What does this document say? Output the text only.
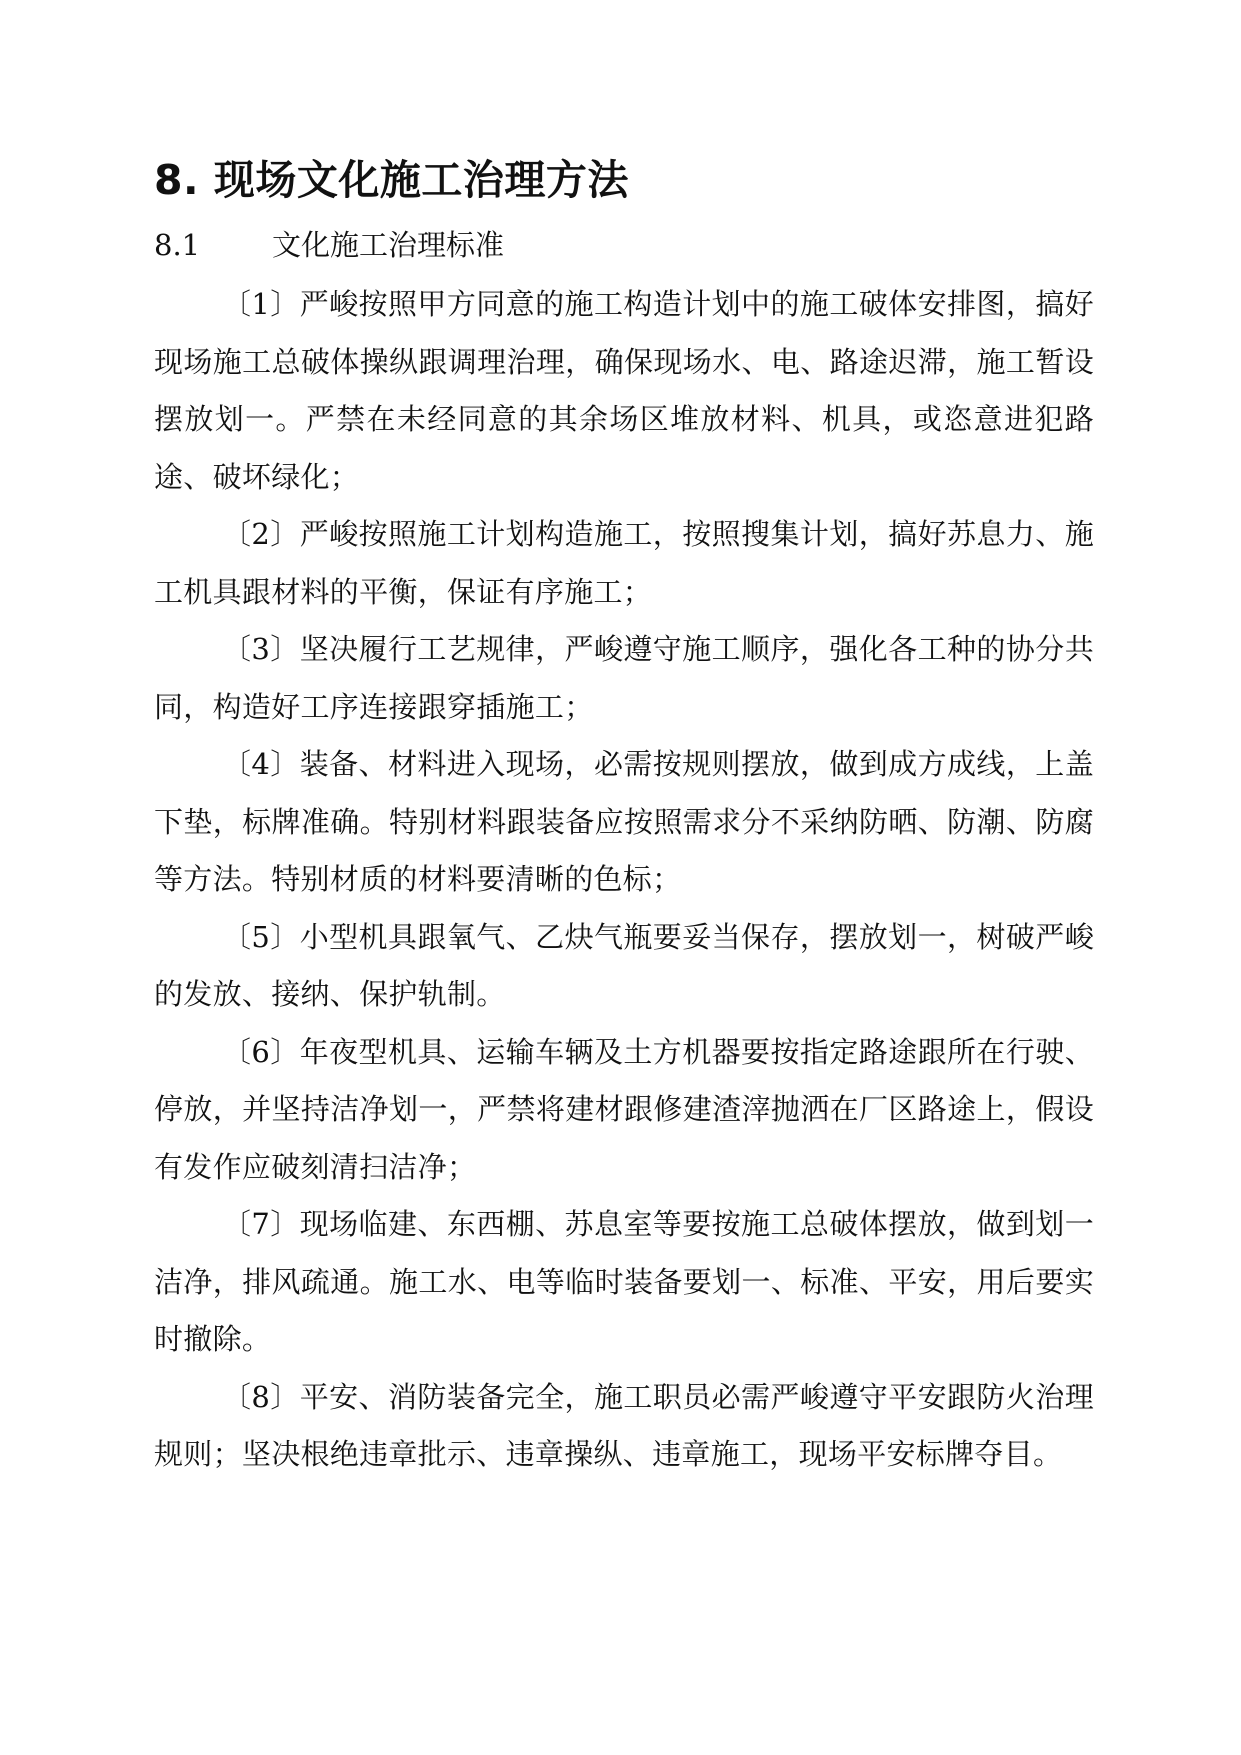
8. 现场文化施工治理方法
8.1 文化施工治理标准

〔1〕严峻按照甲方同意的施工构造计划中的施工破体安排图，搞好现场施工总破体操纵跟调理治理，确保现场水、电、路途迟滞，施工暂设摆放划一。严禁在未经同意的其余场区堆放材料、机具，或恣意进犯路途、破坏绿化；

〔2〕严峻按照施工计划构造施工，按照搜集计划，搞好苏息力、施工机具跟材料的平衡，保证有序施工；

〔3〕坚决履行工艺规律，严峻遵守施工顺序，强化各工种的协分共同，构造好工序连接跟穿插施工；

〔4〕装备、材料进入现场，必需按规则摆放，做到成方成线，上盖下垫，标牌准确。特别材料跟装备应按照需求分不采纳防晒、防潮、防腐等方法。特别材质的材料要清晰的色标；

〔5〕小型机具跟氧气、乙炔气瓶要妥当保存，摆放划一，树破严峻的发放、接纳、保护轨制。

〔6〕年夜型机具、运输车辆及土方机器要按指定路途跟所在行驶、停放，并坚持洁净划一，严禁将建材跟修建渣滓抛洒在厂区路途上，假设有发作应破刻清扫洁净；

〔7〕现场临建、东西棚、苏息室等要按施工总破体摆放，做到划一洁净，排风疏通。施工水、电等临时装备要划一、标准、平安，用后要实时撤除。

〔8〕平安、消防装备完全，施工职员必需严峻遵守平安跟防火治理规则；坚决根绝违章批示、违章操纵、违章施工，现场平安标牌夺目。
